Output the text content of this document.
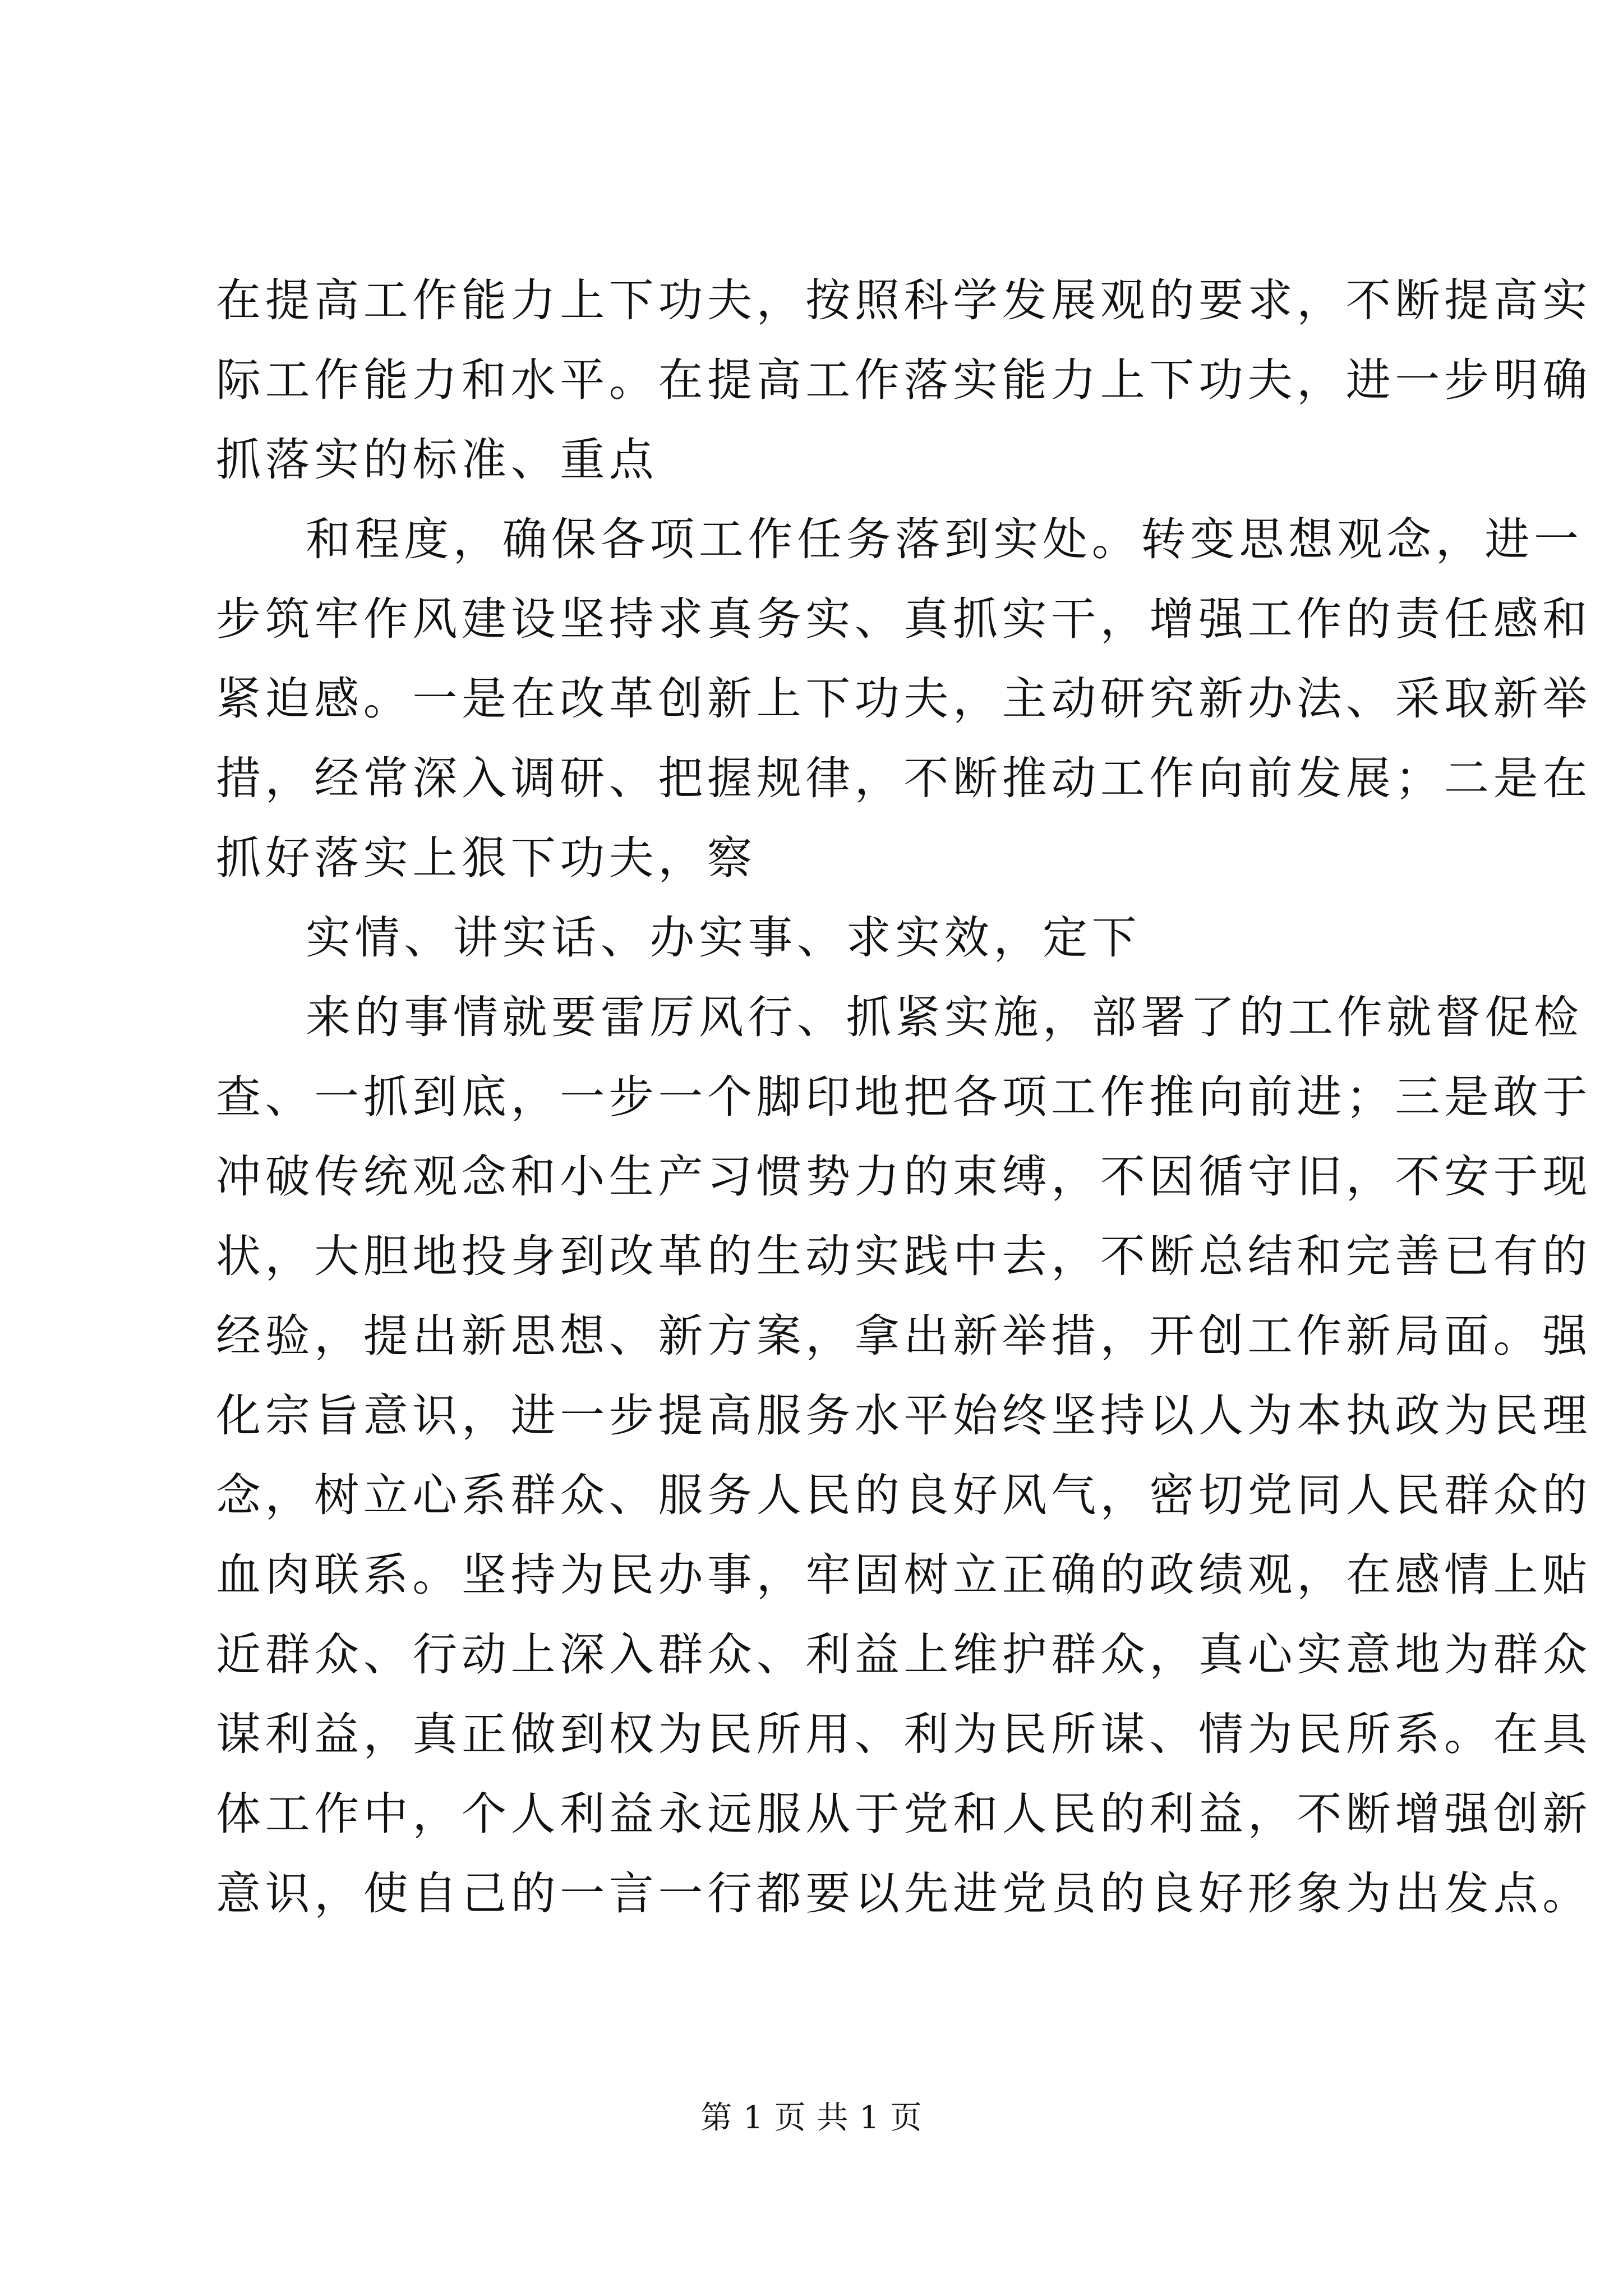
在提高工作能力上下功夫，按照科学发展观的要求，不断提高实
际工作能力和水平。在提高工作落实能力上下功夫，进一步明确
抓落实的标准、重点
和程度，确保各项工作任务落到实处。转变思想观念，进一
步筑牢作风建设坚持求真务实、真抓实干，增强工作的责任感和
紧迫感。一是在改革创新上下功夫，主动研究新办法、采取新举
措，经常深入调研、把握规律，不断推动工作向前发展；二是在
抓好落实上狠下功夫，察
实情、讲实话、办实事、求实效，定下
来的事情就要雷厉风行、抓紧实施，部署了的工作就督促检
查、一抓到底，一步一个脚印地把各项工作推向前进；三是敢于
冲破传统观念和小生产习惯势力的束缚，不因循守旧，不安于现
状，大胆地投身到改革的生动实践中去，不断总结和完善已有的
经验，提出新思想、新方案，拿出新举措，开创工作新局面。强
化宗旨意识，进一步提高服务水平始终坚持以人为本执政为民理
念，树立心系群众、服务人民的良好风气，密切党同人民群众的
血肉联系。坚持为民办事，牢固树立正确的政绩观，在感情上贴
近群众、行动上深入群众、利益上维护群众，真心实意地为群众
谋利益，真正做到权为民所用、利为民所谋、情为民所系。在具
体工作中，个人利益永远服从于党和人民的利益，不断增强创新
意识，使自己的一言一行都要以先进党员的良好形象为出发点。
第 1 页 共 1 页
